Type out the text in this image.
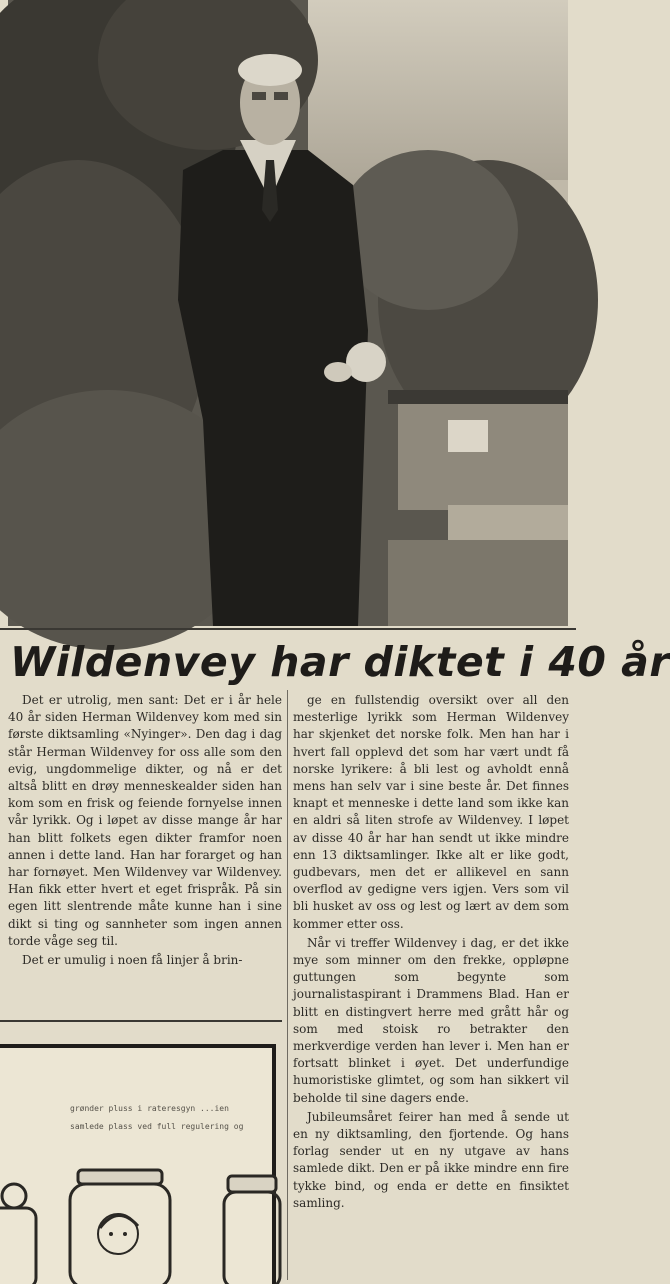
Wildenvey har diktet i 40 år

Det er utrolig, men sant: Det er i år hele 40 år siden Herman Wildenvey kom med sin første diktsamling «Nyinger». Den dag i dag står Herman Wildenvey for oss alle som den evig, ungdommelige dikter, og nå er det altså blitt en drøy menneskealder siden han kom som en frisk og feiende fornyelse innen vår lyrikk. Og i løpet av disse mange år har han blitt folkets egen dikter framfor noen annen i dette land. Han har forarget og han har fornøyet. Men Wildenvey var Wildenvey. Han fikk etter hvert et eget frispråk. På sin egen litt slentrende måte kunne han i sine dikt si ting og sannheter som ingen annen torde våge seg til.

Det er umulig i noen få linjer å brin-

ge en fullstendig oversikt over all den mesterlige lyrikk som Herman Wildenvey har skjenket det norske folk. Men han har i hvert fall opplevd det som har vært undt få norske lyrikere: å bli lest og avholdt ennå mens han selv var i sine beste år. Det finnes knapt et menneske i dette land som ikke kan en aldri så liten strofe av Wildenvey. I løpet av disse 40 år har han sendt ut ikke mindre enn 13 diktsamlinger. Ikke alt er like godt, gudbevars, men det er allikevel en sann overflod av gedigne vers igjen. Vers som vil bli husket av oss og lest og lært av dem som kommer etter oss.

Når vi treffer Wildenvey i dag, er det ikke mye som minner om den frekke, oppløpne guttungen som begynte som journalistaspirant i Drammens Blad. Han er blitt en distingvert herre med grått hår og som med stoisk ro betrakter den merkverdige verden han lever i. Men han er fortsatt blinket i øyet. Det underfundige humoristiske glimtet, og som han sikkert vil beholde til sine dagers ende.

Jubileumsåret feirer han med å sende ut en ny diktsamling, den fjortende. Og hans forlag sender ut en ny utgave av hans samlede dikt. Den er på ikke mindre enn fire tykke bind, og enda er dette en finsiktet samling.

grønder pluss i rateresgyn ...ien
samlede plass ved full regulering og
